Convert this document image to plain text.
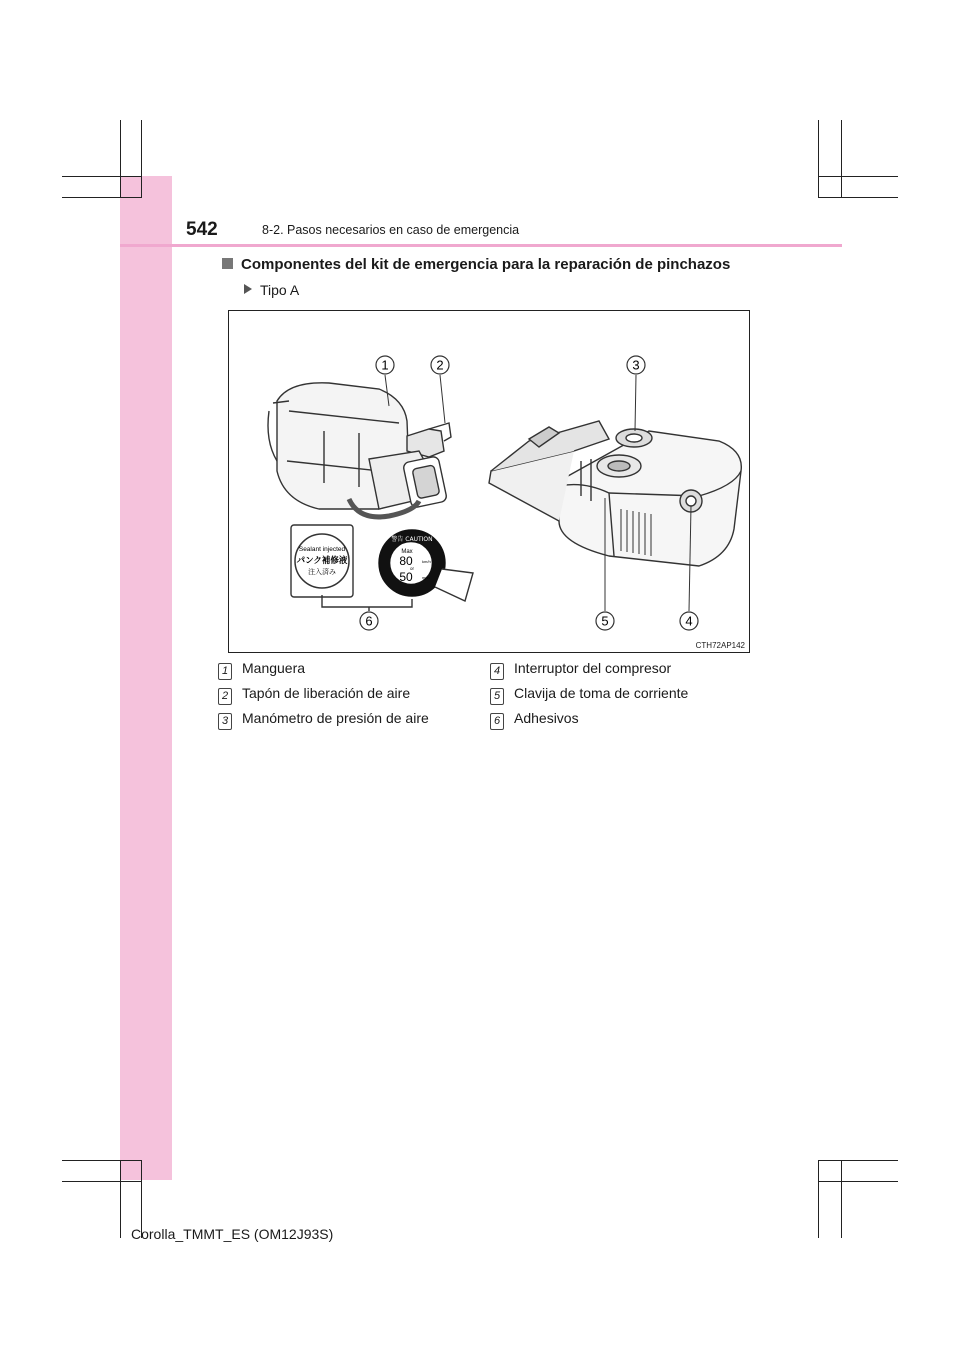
542	8-2. Pasos necesarios en caso de emergencia
Componentes del kit de emergencia para la reparación de pinchazos
Tipo A
1	2	3
4
5
6
Sealant injected
パンク補修液
注入済み
警告 CAUTION
Max
80 km/h
or
50 mph
CTH72AP142
1 Manguera
2 Tapón de liberación de aire
3 Manómetro de presión de aire
4 Interruptor del compresor
5 Clavija de toma de corriente
6 Adhesivos
Corolla_TMMT_ES (OM12J93S)
